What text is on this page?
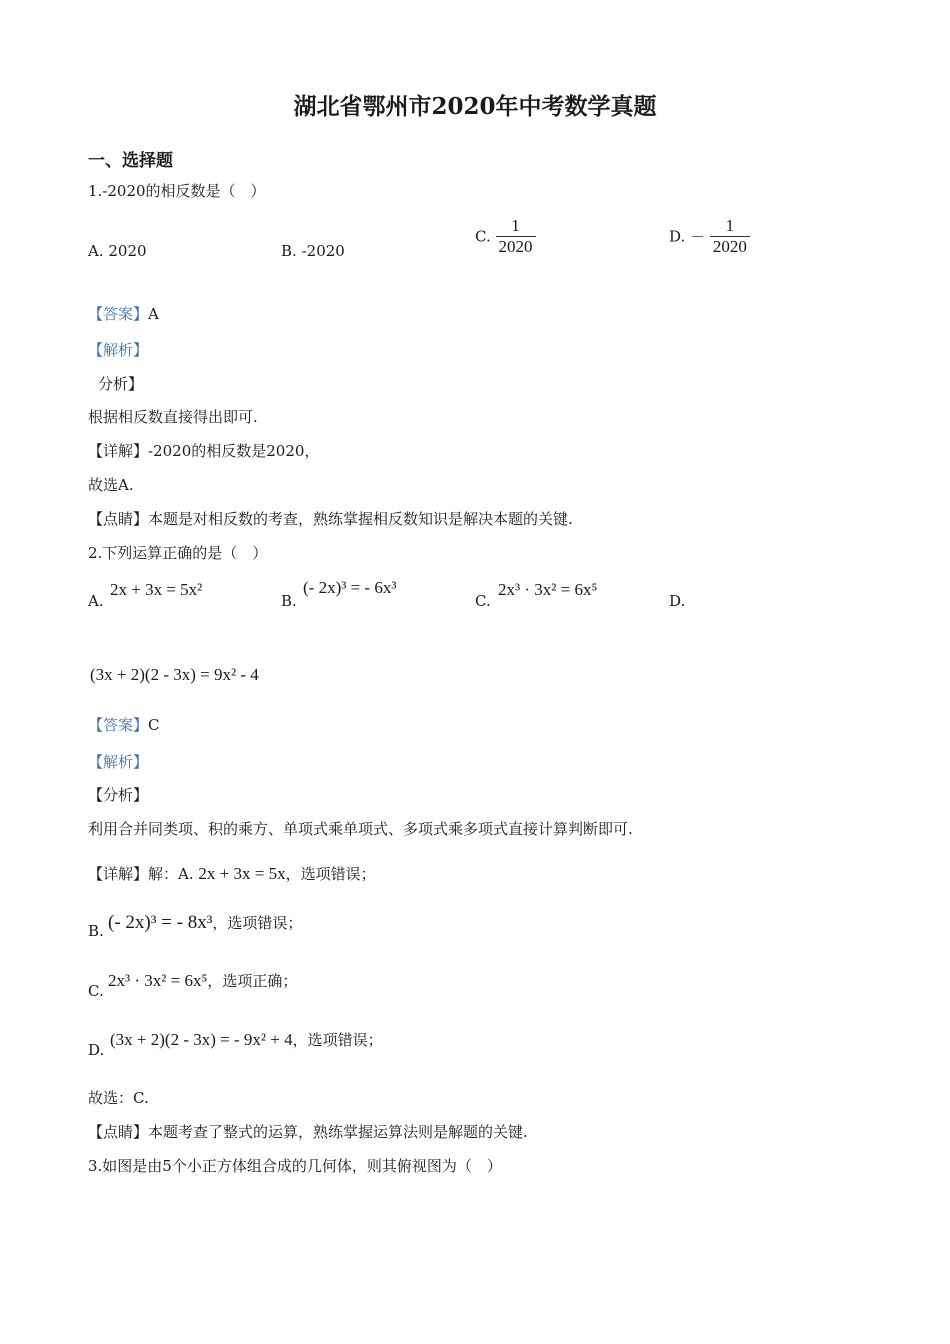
湖北省鄂州市2020年中考数学真题
一、选择题
1.-2020的相反数是（　）
A. 2020	B. -2020
C. $\frac{1}{2020}$	D. － $\frac{1}{2020}$
【答案】A
【解析】
分析】
根据相反数直接得出即可.
【详解】-2020的相反数是2020，
故选A.
【点睛】本题是对相反数的考查，熟练掌握相反数知识是解决本题的关键.
2.下列运算正确的是（　）
A.
2x + 3x = 5x²
B.
(- 2x)³ = - 6x³
C.
2x³ · 3x² = 6x⁵
D.
(3x + 2)(2 - 3x) = 9x² - 4
【答案】C
【解析】
【分析】
利用合并同类项、积的乘方、单项式乘单项式、多项式乘多项式直接计算判断即可.
【详解】解：A. 2x + 3x = 5x，选项错误；
B. (- 2x)³ = - 8x³，选项错误；
C.
2x³ · 3x² = 6x⁵，选项正确；
D.
(3x + 2)(2 - 3x) = - 9x² + 4，选项错误；
故选：C.
【点睛】本题考查了整式的运算，熟练掌握运算法则是解题的关键.
3.如图是由5个小正方体组合成的几何体，则其俯视图为（　）
